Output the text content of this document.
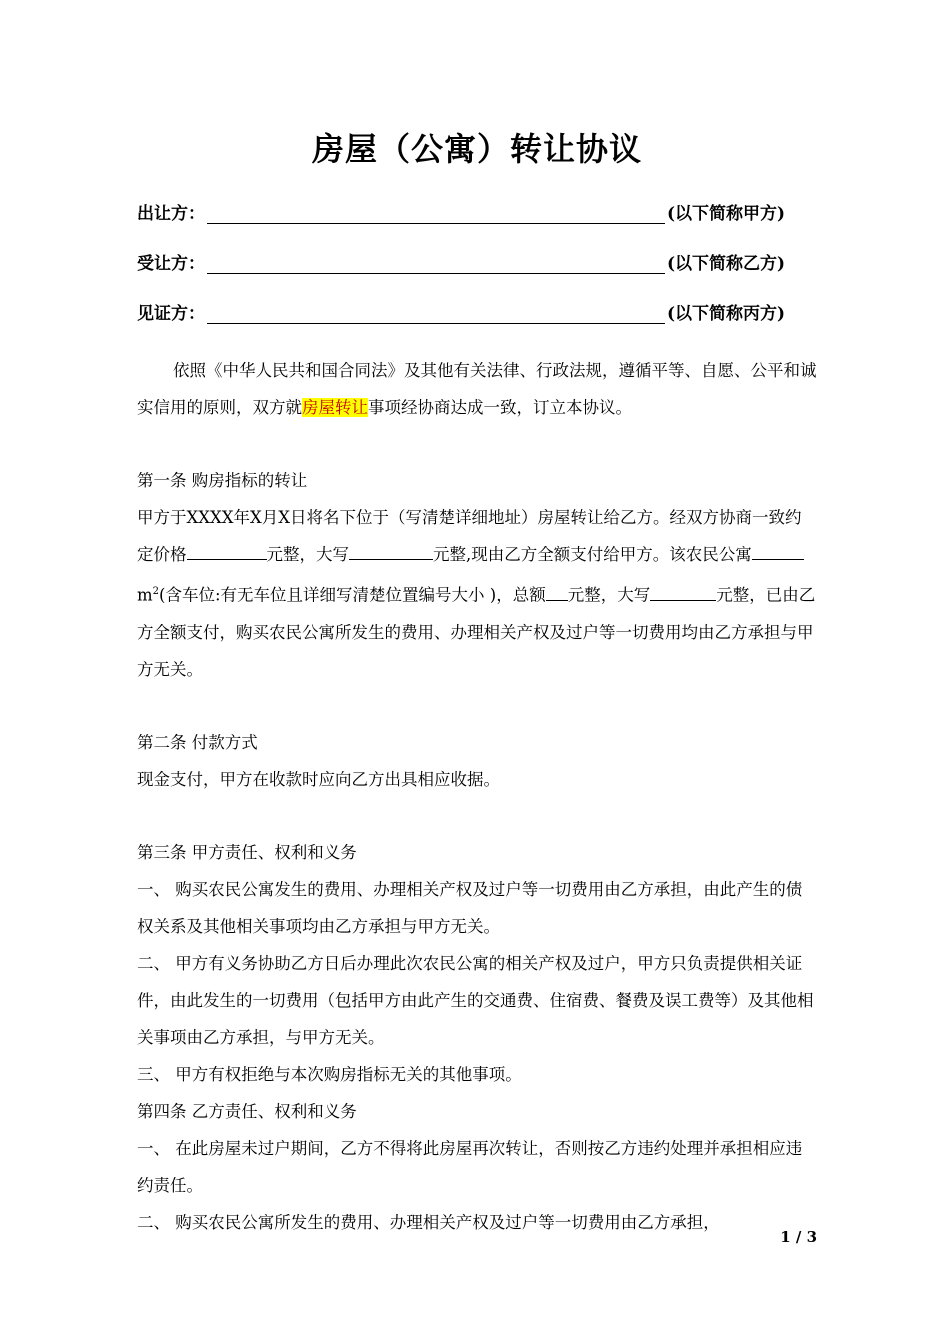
房屋（公寓）转让协议
出让方：	(以下简称甲方)
受让方：	(以下简称乙方)
见证方：	(以下简称丙方)

依照《中华人民共和国合同法》及其他有关法律、行政法规，遵循平等、自愿、公平和诚实信用的原则，双方就房屋转让事项经协商达成一致，订立本协议。

第一条 购房指标的转让

甲方于XXXX年X月X日将名下位于（写清楚详细地址）房屋转让给乙方。经双方协商一致约定价格	元整，大写	元整,现由乙方全额支付给甲方。该农民公寓$m^2$(含车位:有无车位且详细写清楚位置编号大小 )，总额 元整，大写	元整，已由乙方全额支付，购买农民公寓所发生的费用、办理相关产权及过户等一切费用均由乙方承担与甲方无关。

第二条 付款方式

现金支付，甲方在收款时应向乙方出具相应收据。

第三条 甲方责任、权利和义务

一、 购买农民公寓发生的费用、办理相关产权及过户等一切费用由乙方承担，由此产生的债权关系及其他相关事项均由乙方承担与甲方无关。

二、 甲方有义务协助乙方日后办理此次农民公寓的相关产权及过户，甲方只负责提供相关证件，由此发生的一切费用（包括甲方由此产生的交通费、住宿费、餐费及误工费等）及其他相关事项由乙方承担，与甲方无关。

三、 甲方有权拒绝与本次购房指标无关的其他事项。

第四条 乙方责任、权利和义务

一、 在此房屋未过户期间，乙方不得将此房屋再次转让，否则按乙方违约处理并承担相应违约责任。

二、 购买农民公寓所发生的费用、办理相关产权及过户等一切费用由乙方承担，

1 / 3
